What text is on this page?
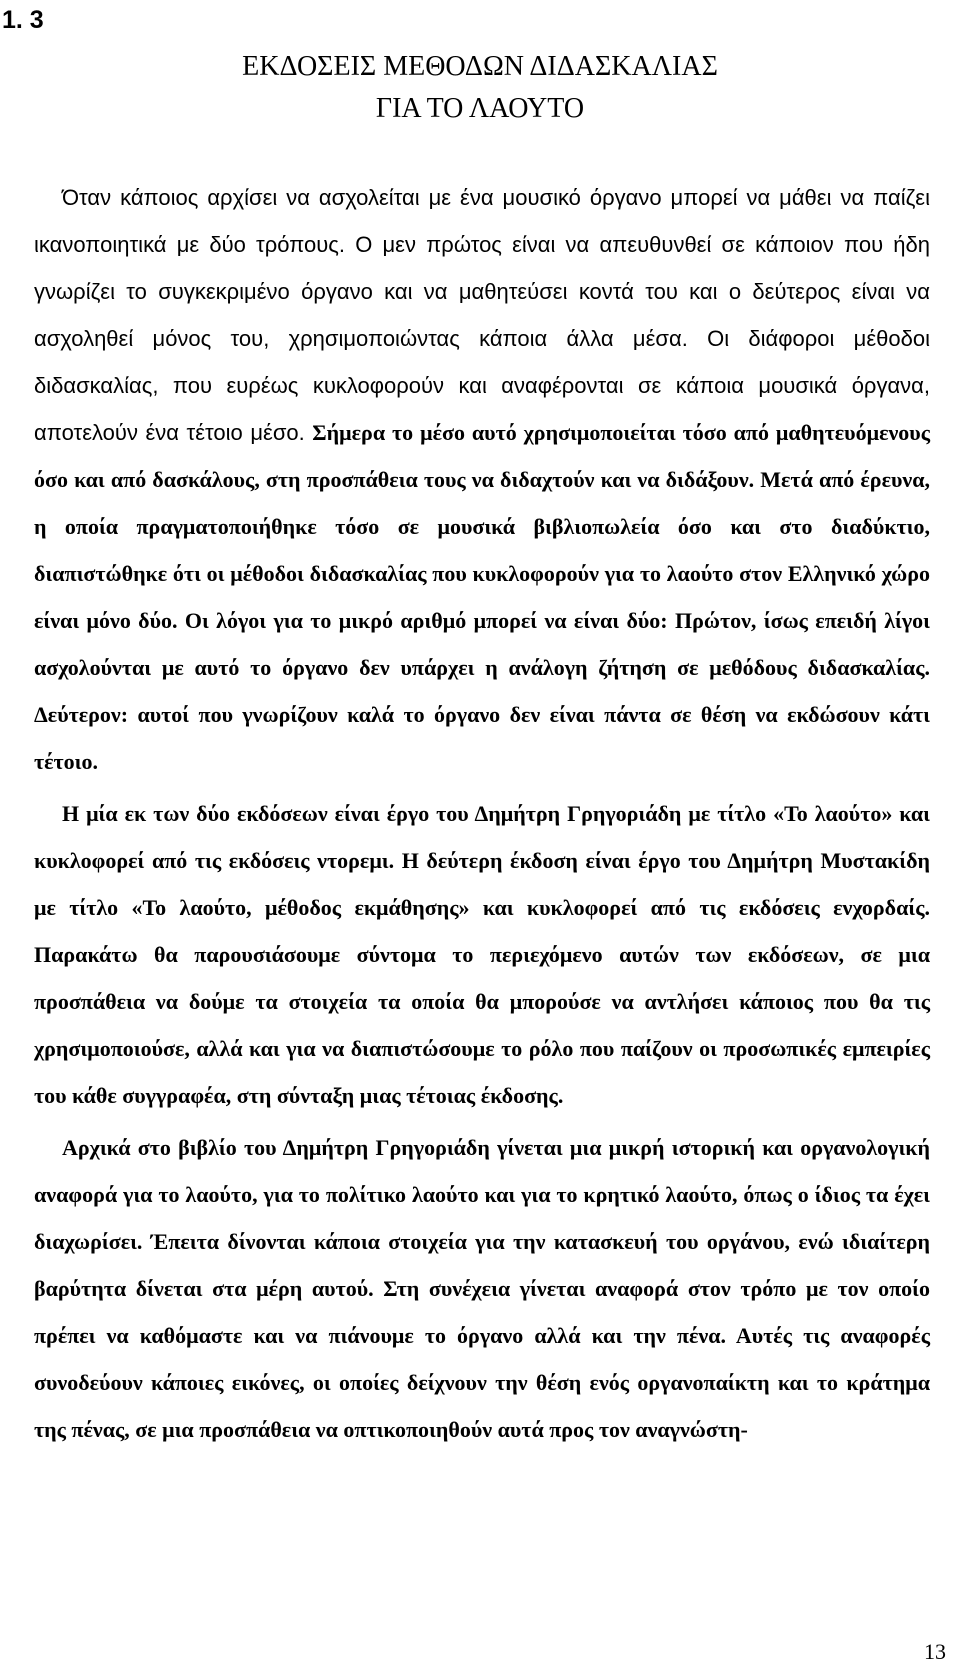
1. 3
ΕΚΔΟΣΕΙΣ ΜΕΘΟΔΩΝ ΔΙΔΑΣΚΑΛΙΑΣ
ΓΙΑ ΤΟ ΛΑΟΥΤΟ

Όταν κάποιος αρχίσει να ασχολείται με ένα μουσικό όργανο μπορεί να μάθει να παίζει ικανοποιητικά με δύο τρόπους. Ο μεν πρώτος είναι να απευθυνθεί σε κάποιον που ήδη γνωρίζει το συγκεκριμένο όργανο και να μαθητεύσει κοντά του και ο δεύτερος είναι να ασχοληθεί μόνος του, χρησιμοποιώντας κάποια άλλα μέσα. Οι διάφοροι μέθοδοι διδασκαλίας, που ευρέως κυκλοφορούν και αναφέρονται σε κάποια μουσικά όργανα, αποτελούν ένα τέτοιο μέσο. Σήμερα το μέσο αυτό χρησιμοποιείται τόσο από μαθητευόμενους όσο και από δασκάλους, στη προσπάθεια τους να διδαχτούν και να διδάξουν. Μετά από έρευνα, η οποία πραγματοποιήθηκε τόσο σε μουσικά βιβλιοπωλεία όσο και στο διαδύκτιο, διαπιστώθηκε ότι οι μέθοδοι διδασκαλίας που κυκλοφορούν για το λαούτο στον Ελληνικό χώρο είναι μόνο δύο. Οι λόγοι για το μικρό αριθμό μπορεί να είναι δύο: Πρώτον, ίσως επειδή λίγοι ασχολούνται με αυτό το όργανο δεν υπάρχει η ανάλογη ζήτηση σε μεθόδους διδασκαλίας. Δεύτερον: αυτοί που γνωρίζουν καλά το όργανο δεν είναι πάντα σε θέση να εκδώσουν κάτι τέτοιο.

Η μία εκ των δύο εκδόσεων είναι έργο του Δημήτρη Γρηγοριάδη με τίτλο «Το λαούτο» και κυκλοφορεί από τις εκδόσεις ντορεμι. Η δεύτερη έκδοση είναι έργο του Δημήτρη Μυστακίδη με τίτλο «Το λαούτο, μέθοδος εκμάθησης» και κυκλοφορεί από τις εκδόσεις ενχορδαίς. Παρακάτω θα παρουσιάσουμε σύντομα το περιεχόμενο αυτών των εκδόσεων, σε μια προσπάθεια να δούμε τα στοιχεία τα οποία θα μπορούσε να αντλήσει κάποιος που θα τις χρησιμοποιούσε, αλλά και για να διαπιστώσουμε το ρόλο που παίζουν οι προσωπικές εμπειρίες του κάθε συγγραφέα, στη σύνταξη μιας τέτοιας έκδοσης.

Αρχικά στο βιβλίο του Δημήτρη Γρηγοριάδη γίνεται μια μικρή ιστορική και οργανολογική αναφορά για το λαούτο, για το πολίτικο λαούτο και για το κρητικό λαούτο, όπως ο ίδιος τα έχει διαχωρίσει. Έπειτα δίνονται κάποια στοιχεία για την κατασκευή του οργάνου, ενώ ιδιαίτερη βαρύτητα δίνεται στα μέρη αυτού. Στη συνέχεια γίνεται αναφορά στον τρόπο με τον οποίο πρέπει να καθόμαστε και να πιάνουμε το όργανο αλλά και την πένα. Αυτές τις αναφορές συνοδεύουν κάποιες εικόνες, οι οποίες δείχνουν την θέση ενός οργανοπαίκτη και το κράτημα της πένας, σε μια προσπάθεια να οπτικοποιηθούν αυτά προς τον αναγνώστη-

13
